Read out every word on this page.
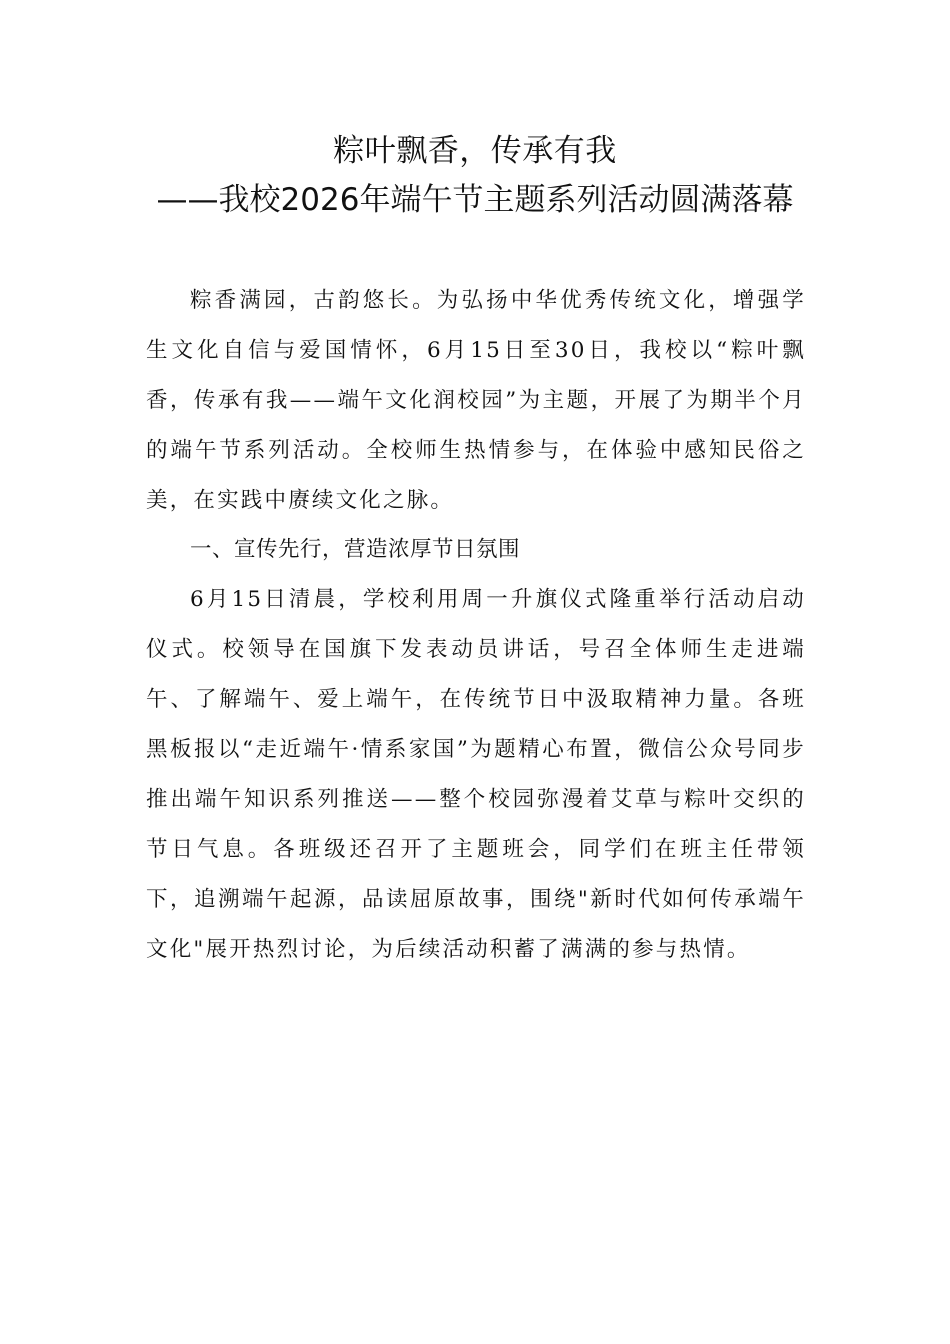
粽叶飘香，传承有我
——我校2026年端午节主题系列活动圆满落幕

粽香满园，古韵悠长。为弘扬中华优秀传统文化，增强学生文化自信与爱国情怀，6月15日至30日，我校以“粽叶飘香，传承有我——端午文化润校园”为主题，开展了为期半个月的端午节系列活动。全校师生热情参与，在体验中感知民俗之美，在实践中赓续文化之脉。

一、宣传先行，营造浓厚节日氛围

6月15日清晨，学校利用周一升旗仪式隆重举行活动启动仪式。校领导在国旗下发表动员讲话，号召全体师生走进端午、了解端午、爱上端午，在传统节日中汲取精神力量。各班黑板报以“走近端午·情系家国”为题精心布置，微信公众号同步推出端午知识系列推送——整个校园弥漫着艾草与粽叶交织的节日气息。各班级还召开了主题班会，同学们在班主任带领下，追溯端午起源，品读屈原故事，围绕"新时代如何传承端午文化"展开热烈讨论，为后续活动积蓄了满满的参与热情。
